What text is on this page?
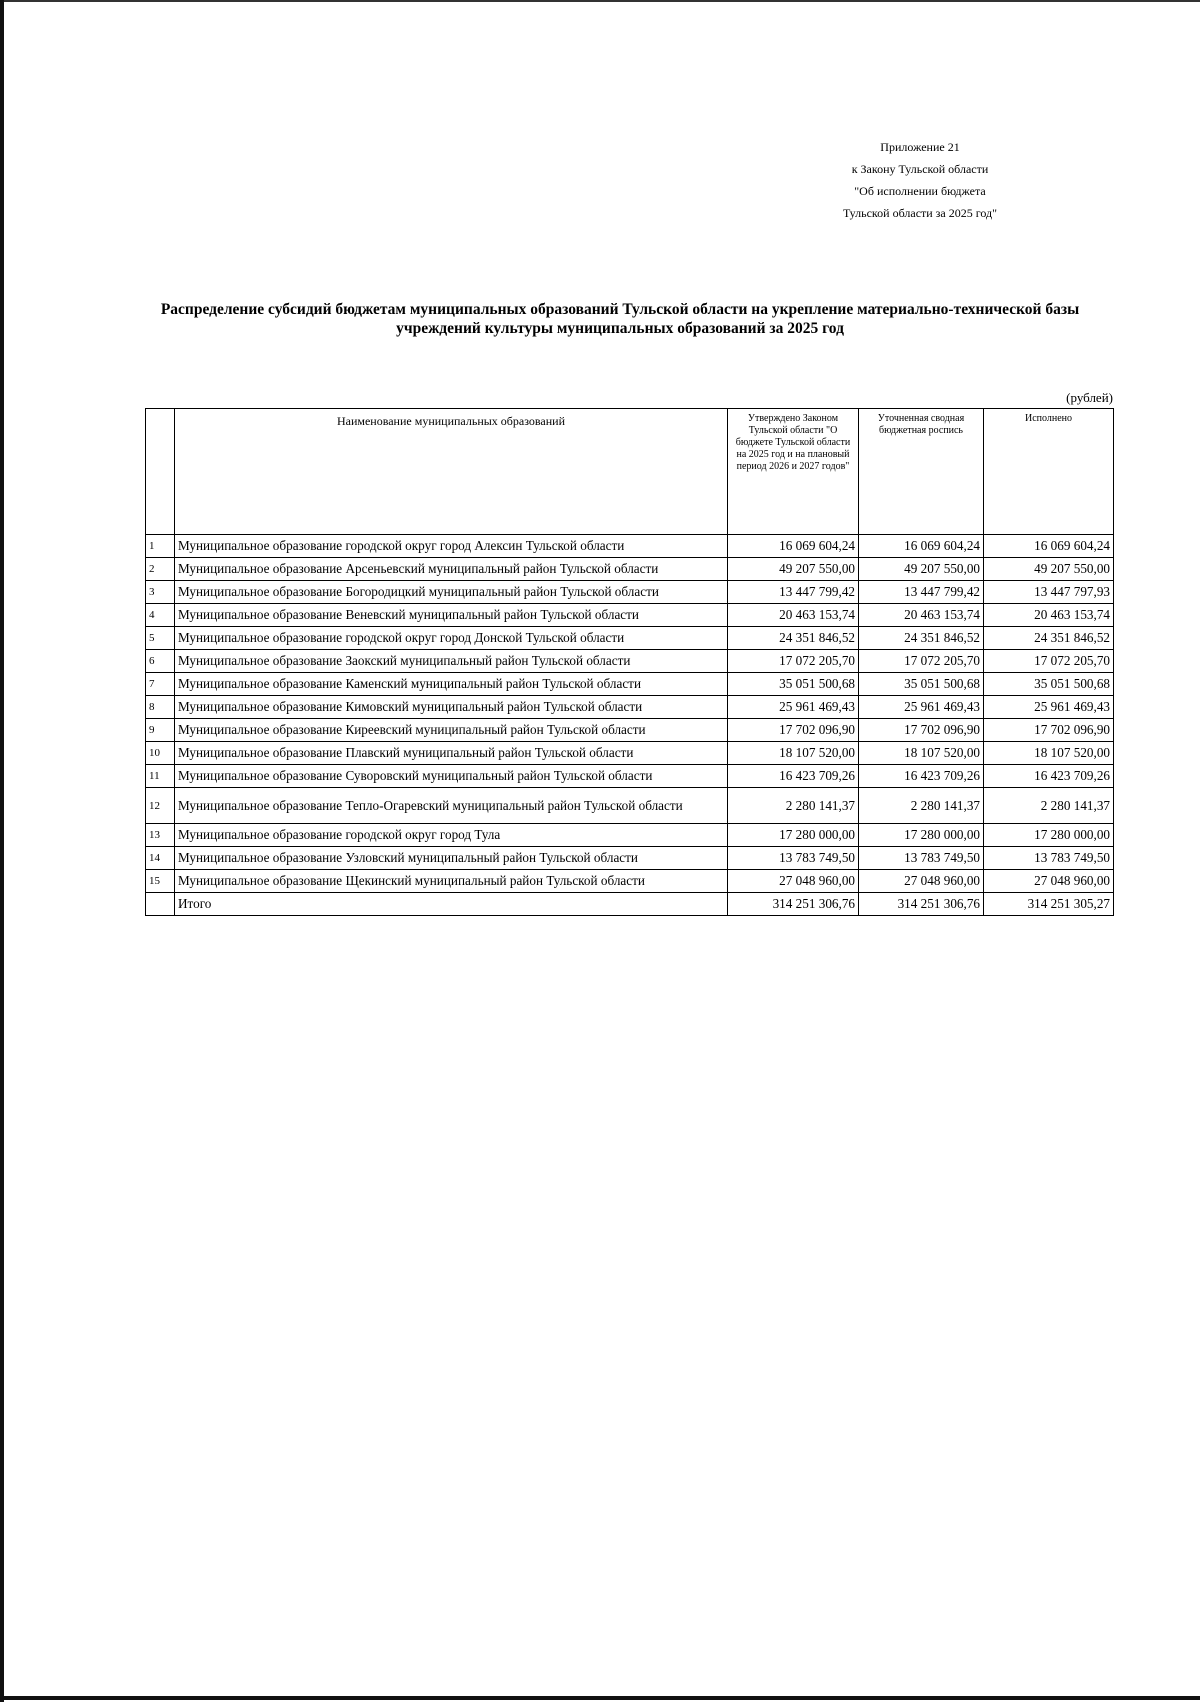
Приложение 21
к Закону Тульской области
"Об исполнении бюджета
Тульской области за 2025 год"
Распределение субсидий бюджетам муниципальных образований Тульской области на укрепление материально-технической базы учреждений культуры муниципальных образований за 2025 год
(рублей)
	Наименование муниципальных образований	Утверждено Законом Тульской области "О бюджете Тульской области на 2025 год и на плановый период 2026 и 2027 годов"	Уточненная сводная бюджетная роспись	Исполнено
1	Муниципальное образование городской округ город Алексин Тульской области	16 069 604,24	16 069 604,24	16 069 604,24
2	Муниципальное образование Арсеньевский муниципальный район Тульской области	49 207 550,00	49 207 550,00	49 207 550,00
3	Муниципальное образование Богородицкий муниципальный район Тульской области	13 447 799,42	13 447 799,42	13 447 797,93
4	Муниципальное образование Веневский муниципальный район Тульской области	20 463 153,74	20 463 153,74	20 463 153,74
5	Муниципальное образование городской округ город Донской Тульской области	24 351 846,52	24 351 846,52	24 351 846,52
6	Муниципальное образование Заокский муниципальный район Тульской области	17 072 205,70	17 072 205,70	17 072 205,70
7	Муниципальное образование Каменский муниципальный район Тульской области	35 051 500,68	35 051 500,68	35 051 500,68
8	Муниципальное образование Кимовский муниципальный район Тульской области	25 961 469,43	25 961 469,43	25 961 469,43
9	Муниципальное образование Киреевский муниципальный район Тульской области	17 702 096,90	17 702 096,90	17 702 096,90
10	Муниципальное образование Плавский муниципальный район Тульской области	18 107 520,00	18 107 520,00	18 107 520,00
11	Муниципальное образование Суворовский муниципальный район Тульской области	16 423 709,26	16 423 709,26	16 423 709,26
12	Муниципальное образование Тепло-Огаревский муниципальный район Тульской области	2 280 141,37	2 280 141,37	2 280 141,37
13	Муниципальное образование городской округ город Тула	17 280 000,00	17 280 000,00	17 280 000,00
14	Муниципальное образование Узловский муниципальный район Тульской области	13 783 749,50	13 783 749,50	13 783 749,50
15	Муниципальное образование Щекинский муниципальный район Тульской области	27 048 960,00	27 048 960,00	27 048 960,00
	Итого	314 251 306,76	314 251 306,76	314 251 305,27
